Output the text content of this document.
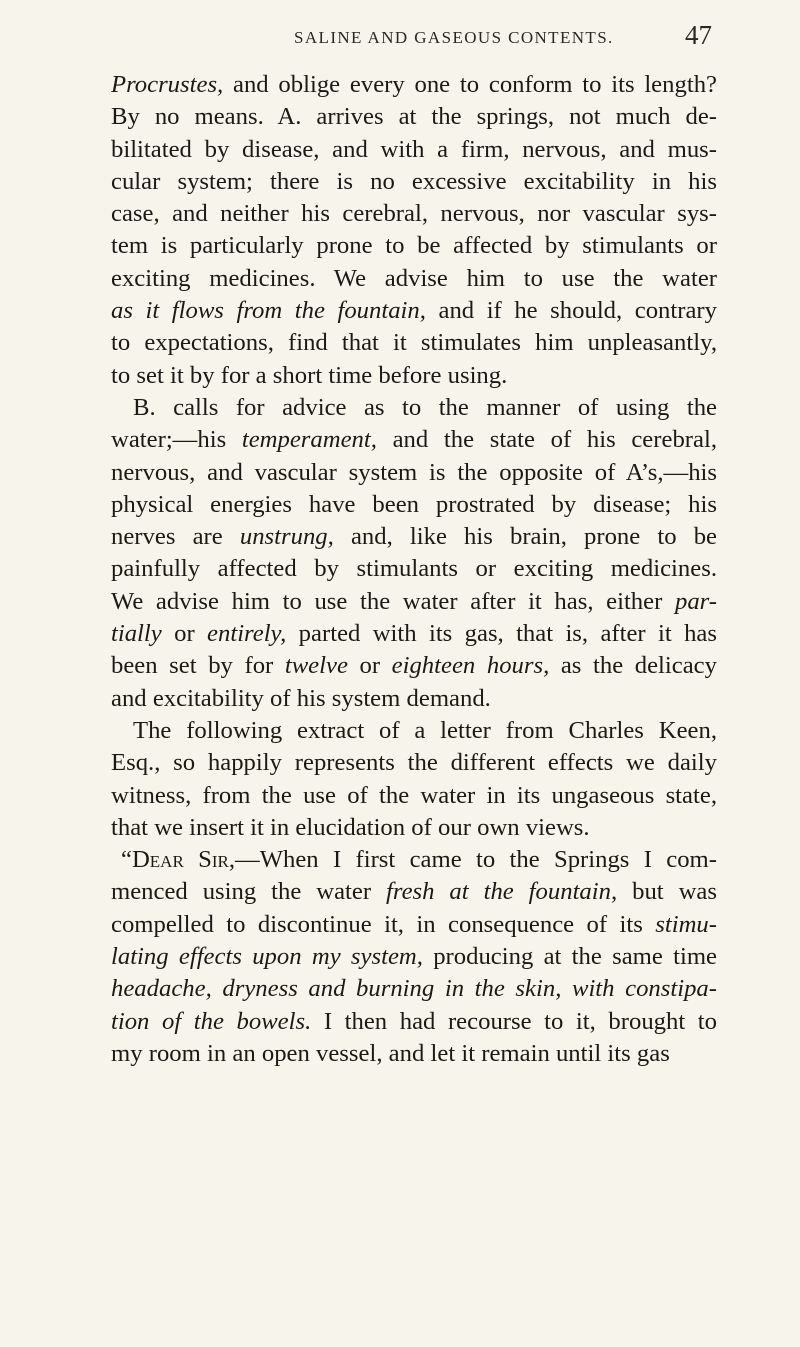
SALINE AND GASEOUS CONTENTS.	47
Procrustes, and oblige every one to conform to its length?
By no means. A. arrives at the springs, not much de-
bilitated by disease, and with a firm, nervous, and mus-
cular system; there is no excessive excitability in his
case, and neither his cerebral, nervous, nor vascular sys-
tem is particularly prone to be affected by stimulants or
exciting medicines. We advise him to use the water
as it flows from the fountain, and if he should, contrary
to expectations, find that it stimulates him unpleasantly,
to set it by for a short time before using.
B. calls for advice as to the manner of using the
water;—his temperament, and the state of his cerebral,
nervous, and vascular system is the opposite of A’s,—his
physical energies have been prostrated by disease; his
nerves are unstrung, and, like his brain, prone to be
painfully affected by stimulants or exciting medicines.
We advise him to use the water after it has, either par-
tially or entirely, parted with its gas, that is, after it has
been set by for twelve or eighteen hours, as the delicacy
and excitability of his system demand.
The following extract of a letter from Charles Keen,
Esq., so happily represents the different effects we daily
witness, from the use of the water in its ungaseous state,
that we insert it in elucidation of our own views.
“Dear Sir,—When I first came to the Springs I com-
menced using the water fresh at the fountain, but was
compelled to discontinue it, in consequence of its stimu-
lating effects upon my system, producing at the same time
headache, dryness and burning in the skin, with constipa-
tion of the bowels. I then had recourse to it, brought to
my room in an open vessel, and let it remain until its gas
